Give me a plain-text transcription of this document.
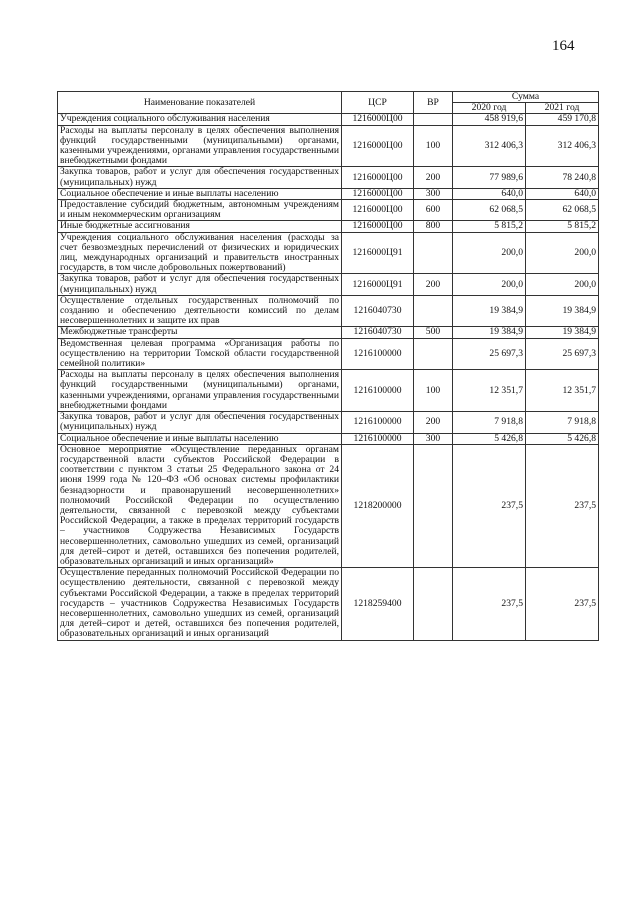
164
Наименование показателей	ЦСР	ВР	Сумма	
			2020 год	2021 год
Учреждения социального обслуживания населения	1216000Ц00		458 919,6	459 170,8
Расходы на выплаты персоналу в целях обеспечения выполнения функций государственными (муниципальными) органами, казенными учреждениями, органами управления государственными внебюджетными фондами	1216000Ц00	100	312 406,3	312 406,3
Закупка товаров, работ и услуг для обеспечения государственных (муниципальных) нужд	1216000Ц00	200	77 989,6	78 240,8
Социальное обеспечение и иные выплаты населению	1216000Ц00	300	640,0	640,0
Предоставление субсидий бюджетным, автономным учреждениям и иным некоммерческим организациям	1216000Ц00	600	62 068,5	62 068,5
Иные бюджетные ассигнования	1216000Ц00	800	5 815,2	5 815,2
Учреждения социального обслуживания населения (расходы за счет безвозмездных перечислений от физических и юридических лиц, международных организаций и правительств иностранных государств, в том числе добровольных пожертвований)	1216000Ц91		200,0	200,0
Закупка товаров, работ и услуг для обеспечения государственных (муниципальных) нужд	1216000Ц91	200	200,0	200,0
Осуществление отдельных государственных полномочий по созданию и обеспечению деятельности комиссий по делам несовершеннолетних и защите их прав	1216040730		19 384,9	19 384,9
Межбюджетные трансферты	1216040730	500	19 384,9	19 384,9
Ведомственная целевая программа «Организация работы по осуществлению на территории Томской области государственной семейной политики»	1216100000		25 697,3	25 697,3
Расходы на выплаты персоналу в целях обеспечения выполнения функций государственными (муниципальными) органами, казенными учреждениями, органами управления государственными внебюджетными фондами	1216100000	100	12 351,7	12 351,7
Закупка товаров, работ и услуг для обеспечения государственных (муниципальных) нужд	1216100000	200	7 918,8	7 918,8
Социальное обеспечение и иные выплаты населению	1216100000	300	5 426,8	5 426,8
Основное мероприятие «Осуществление переданных органам государственной власти субъектов Российской Федерации в соответствии с пунктом 3 статьи 25 Федерального закона от 24 июня 1999 года № 120–ФЗ «Об основах системы профилактики безнадзорности и правонарушений несовершеннолетних» полномочий Российской Федерации по осуществлению деятельности, связанной с перевозкой между субъектами Российской Федерации, а также в пределах территорий государств – участников Содружества Независимых Государств несовершеннолетних, самовольно ушедших из семей, организаций для детей–сирот и детей, оставшихся без попечения родителей, образовательных организаций и иных организаций»	1218200000		237,5	237,5
Осуществление переданных полномочий Российской Федерации по осуществлению деятельности, связанной с перевозкой между субъектами Российской Федерации, а также в пределах территорий государств – участников Содружества Независимых Государств несовершеннолетних, самовольно ушедших из семей, организаций для детей–сирот и детей, оставшихся без попечения родителей, образовательных организаций и иных организаций	1218259400		237,5	237,5
